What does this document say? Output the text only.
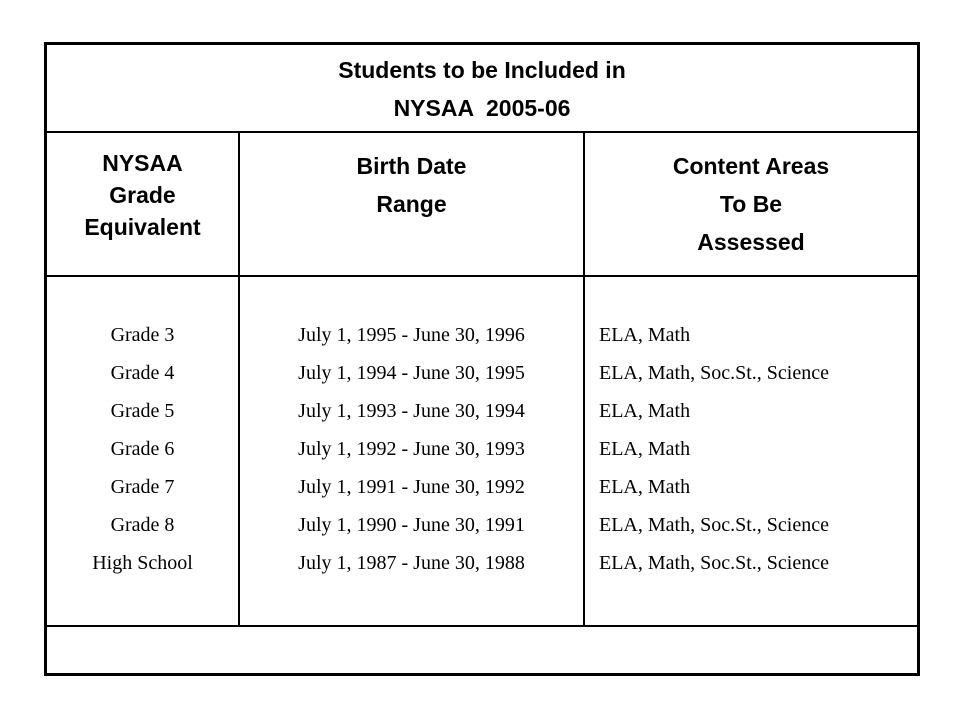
Students to be Included in
NYSAA  2005-06
NYSAA
Grade
Equivalent
Birth Date
Range
Content Areas
To Be
Assessed
Grade 3
Grade 4
Grade 5
Grade 6
Grade 7
Grade 8
High School
July 1, 1995 - June 30, 1996
July 1, 1994 - June 30, 1995
July 1, 1993 - June 30, 1994
July 1, 1992 - June 30, 1993
July 1, 1991 - June 30, 1992
July 1, 1990 - June 30, 1991
July 1, 1987 - June 30, 1988
ELA, Math
ELA, Math, Soc.St., Science
ELA, Math
ELA, Math
ELA, Math
ELA, Math, Soc.St., Science
ELA, Math, Soc.St., Science
